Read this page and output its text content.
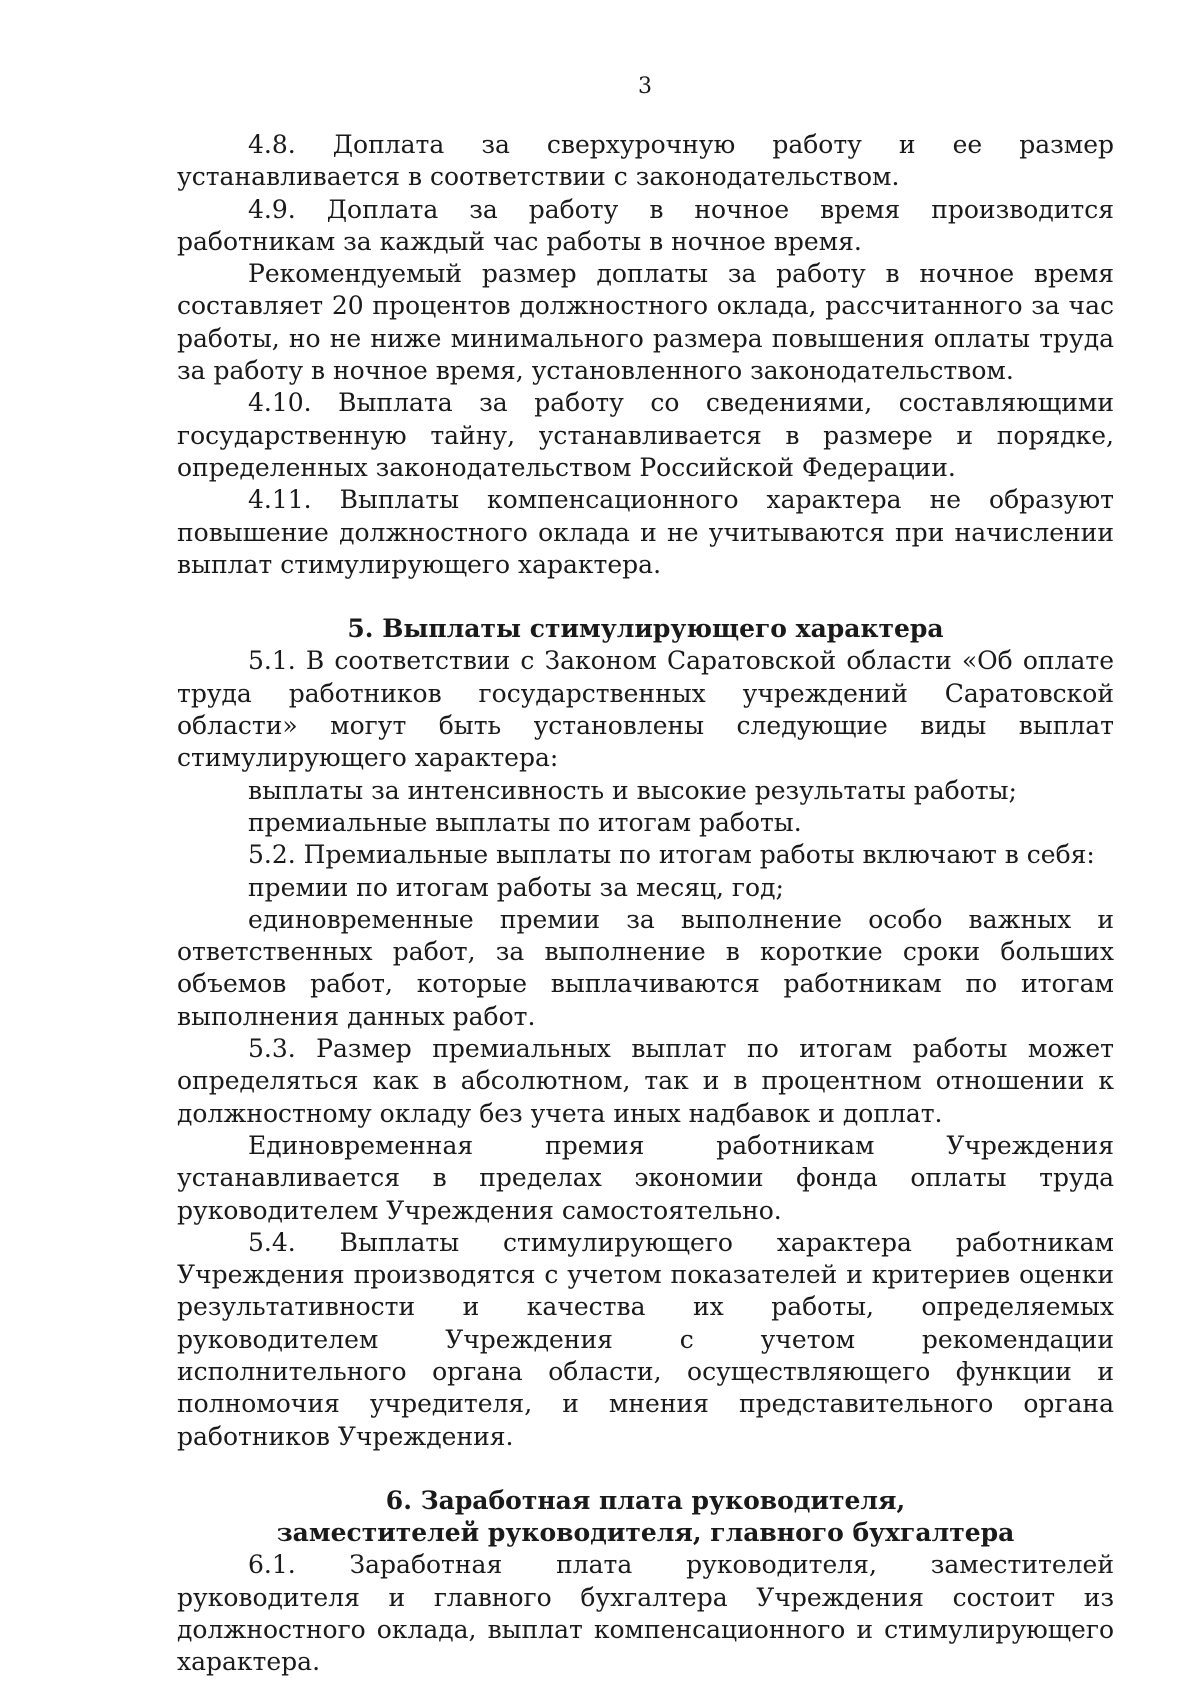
3

4.8. Доплата за сверхурочную работу и ее размер устанавливается в соответствии с законодательством.

4.9. Доплата за работу в ночное время производится работникам за каждый час работы в ночное время.

Рекомендуемый размер доплаты за работу в ночное время составляет 20 процентов должностного оклада, рассчитанного за час работы, но не ниже минимального размера повышения оплаты труда за работу в ночное время, установленного законодательством.

4.10. Выплата за работу со сведениями, составляющими государственную тайну, устанавливается в размере и порядке, определенных законодательством Российской Федерации.

4.11. Выплаты компенсационного характера не образуют повышение должностного оклада и не учитываются при начислении выплат стимулирующего характера.

5. Выплаты стимулирующего характера

5.1. В соответствии с Законом Саратовской области «Об оплате труда работников государственных учреждений Саратовской области» могут быть установлены следующие виды выплат стимулирующего характера:

выплаты за интенсивность и высокие результаты работы;

премиальные выплаты по итогам работы.

5.2. Премиальные выплаты по итогам работы включают в себя:

премии по итогам работы за месяц, год;

единовременные премии за выполнение особо важных и ответственных работ, за выполнение в короткие сроки больших объемов работ, которые выплачиваются работникам по итогам выполнения данных работ.

5.3. Размер премиальных выплат по итогам работы может определяться как в абсолютном, так и в процентном отношении к должностному окладу без учета иных надбавок и доплат.

Единовременная премия работникам Учреждения устанавливается в пределах экономии фонда оплаты труда руководителем Учреждения самостоятельно.

5.4. Выплаты стимулирующего характера работникам Учреждения производятся с учетом показателей и критериев оценки результативности и качества их работы, определяемых руководителем Учреждения с учетом рекомендации исполнительного органа области, осуществляющего функции и полномочия учредителя, и мнения представительного органа работников Учреждения.

6. Заработная плата руководителя,

заместителей руководителя, главного бухгалтера

6.1. Заработная плата руководителя, заместителей руководителя и главного бухгалтера Учреждения состоит из должностного оклада, выплат компенсационного и стимулирующего характера.
